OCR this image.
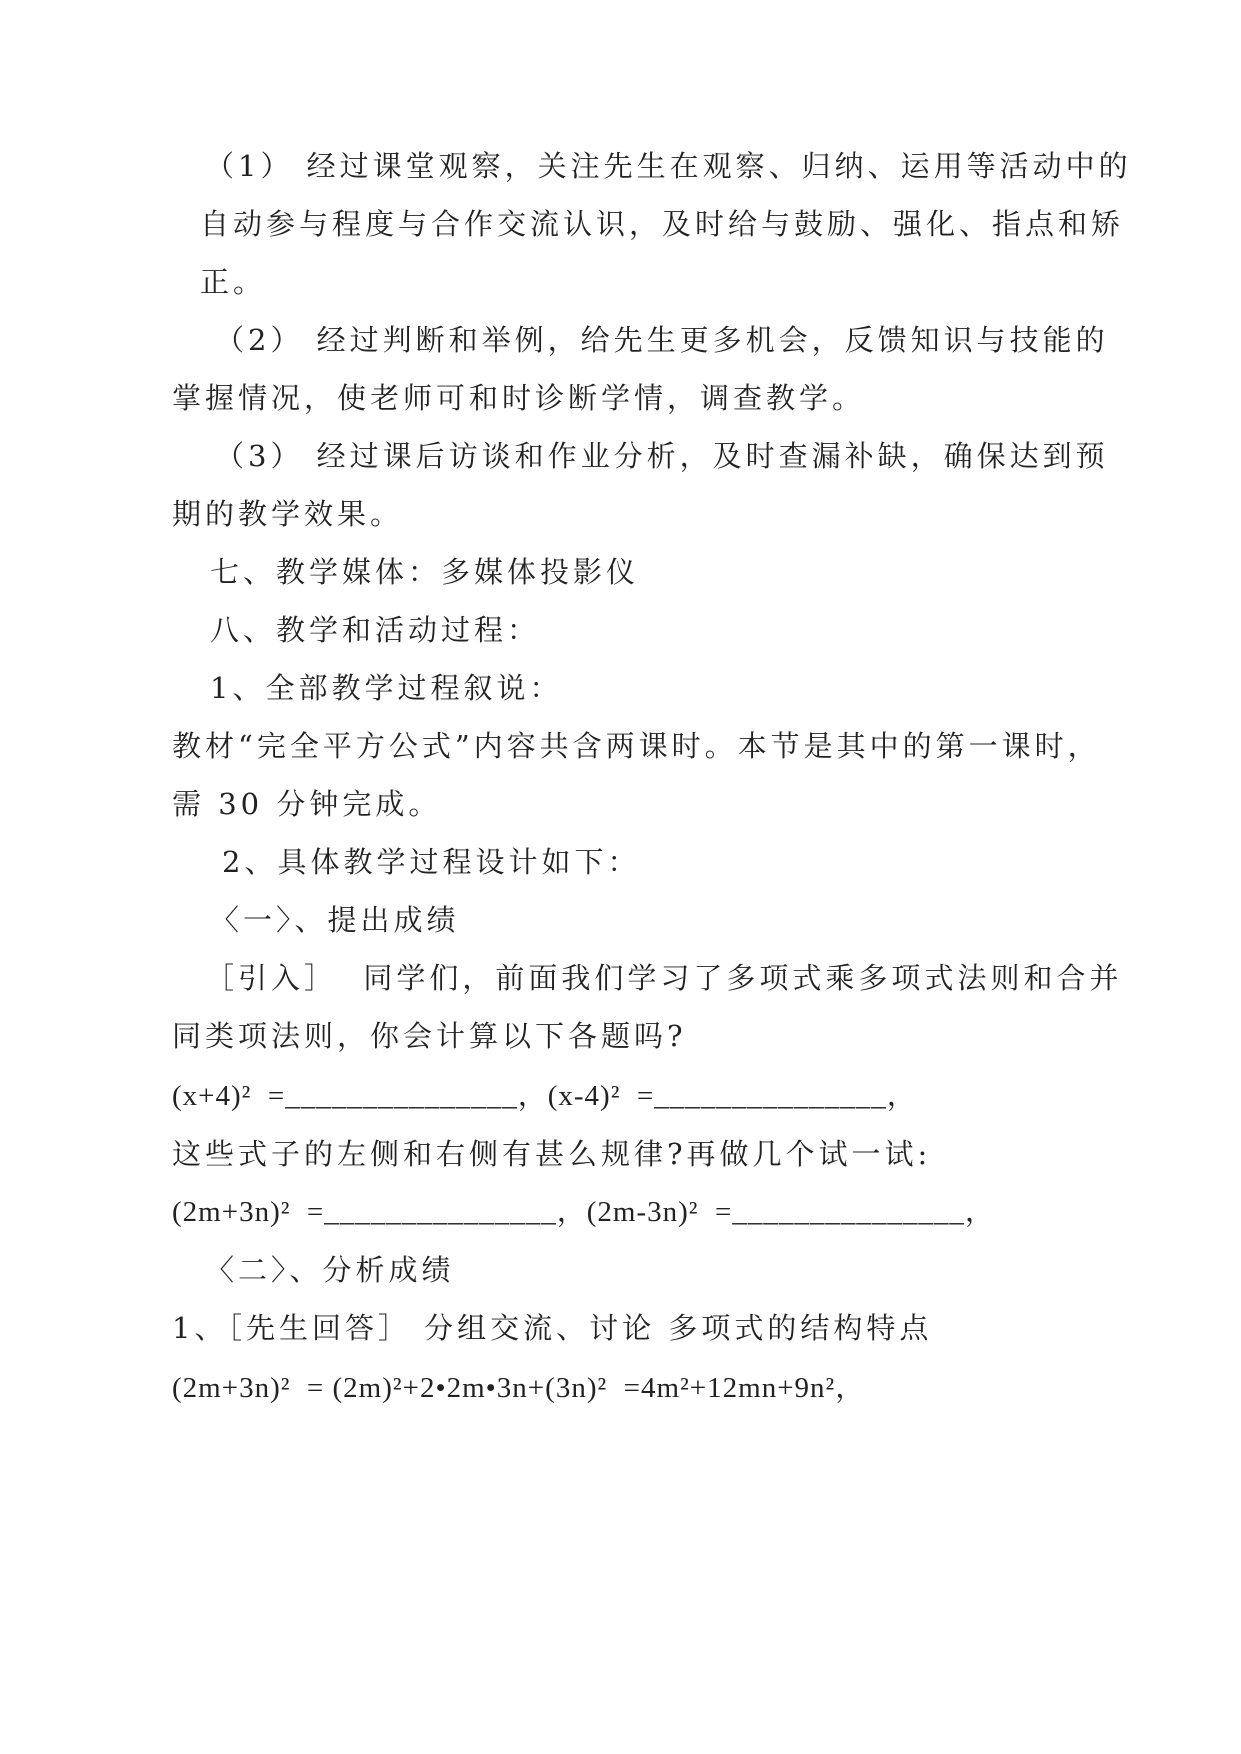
（1） 经过课堂观察，关注先生在观察、归纳、运用等活动中的
自动参与程度与合作交流认识，及时给与鼓励、强化、指点和矫
正。
（2） 经过判断和举例，给先生更多机会，反馈知识与技能的
掌握情况，使老师可和时诊断学情，调查教学。
（3） 经过课后访谈和作业分析，及时查漏补缺，确保达到预
期的教学效果。
七、教学媒体：多媒体投影仪
八、教学和活动过程：
1、全部教学过程叙说：
教材“完全平方公式”内容共含两课时。本节是其中的第一课时，
需 30 分钟完成。
2、具体教学过程设计如下：
〈一〉、提出成绩
［引入］  同学们，前面我们学习了多项式乘多项式法则和合并
同类项法则，你会计算以下各题吗?
(x+4)²  =_______________，(x-4)²  =_______________，
这些式子的左侧和右侧有甚么规律?再做几个试一试:
(2m+3n)²  =_______________，(2m-3n)²  =_______________，
〈二〉、分析成绩
1、［先生回答］ 分组交流、讨论 多项式的结构特点
(2m+3n)²  = (2m)²+2•2m•3n+(3n)²  =4m²+12mn+9n²，
